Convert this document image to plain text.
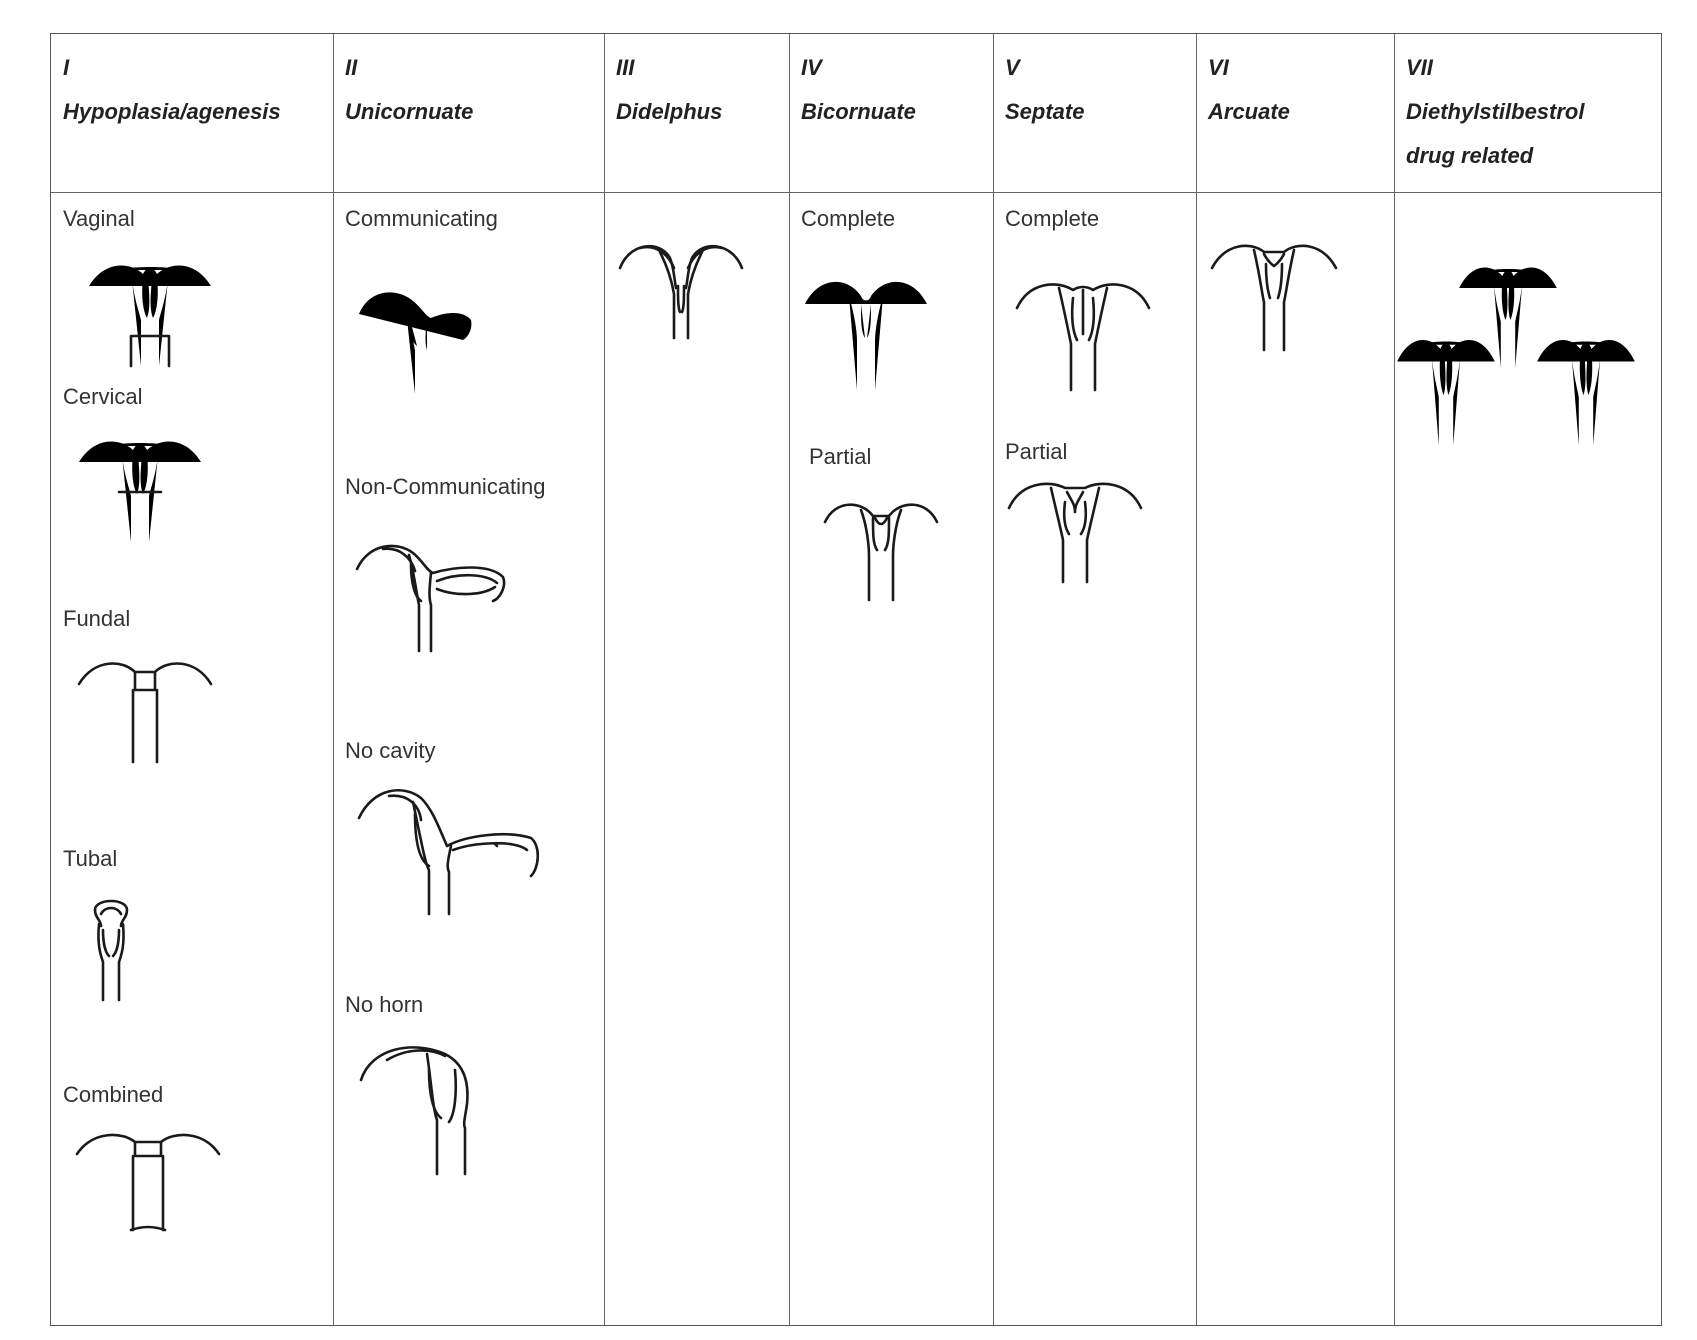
I
Hypoplasia/agenesis
Vaginal
Cervical
Fundal
Tubal
Combined
II
Unicornuate
Communicating
Non-Communicating
No cavity
No horn
III
Didelphus
IV
Bicornuate
Complete
Partial
V
Septate
Complete
Partial
VI
Arcuate
VII
Diethylstilbestrol
drug related
